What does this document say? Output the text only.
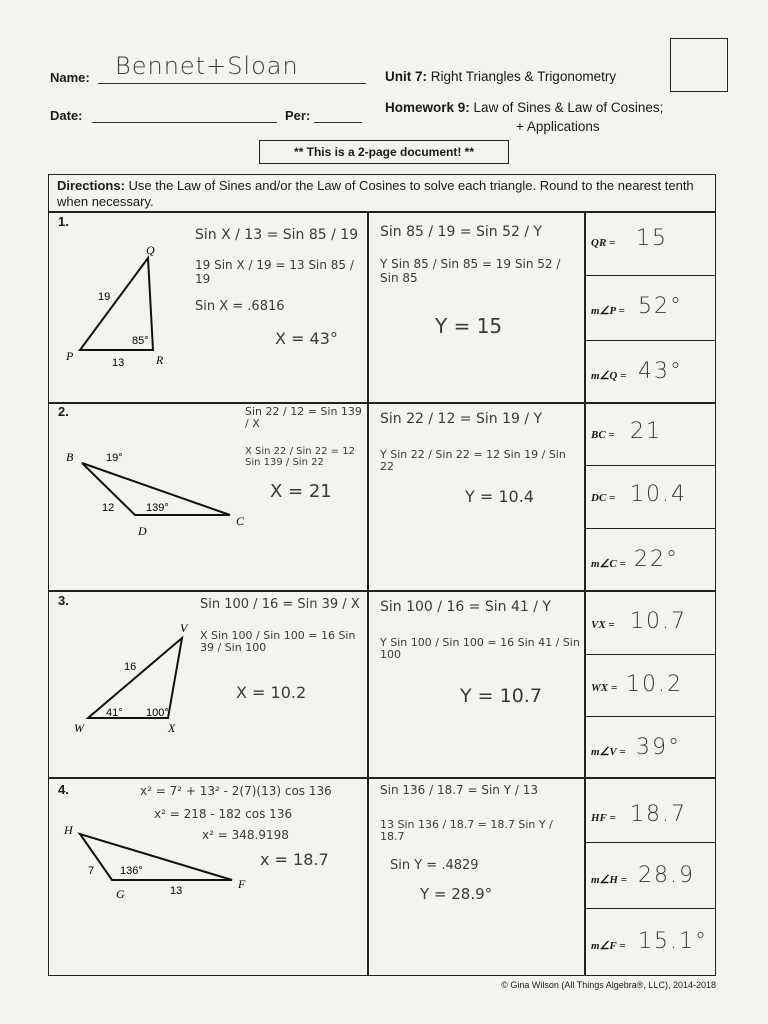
Name: Bennet+Sloan	Unit 7: Right Triangles & Trigonometry
Date:	Per:
Homework 9: Law of Sines & Law of Cosines;
+ Applications
** This is a 2-page document! **
Directions: Use the Law of Sines and/or the Law of Cosines to solve each triangle. Round to the nearest tenth when necessary.
1.
Q
P	R
19
13
85°
Sin X / 13 = Sin 85 / 19
19 Sin X / 19 = 13 Sin 85 / 19
Sin X = .6816
X = 43°
Sin 85 / 19 = Sin 52 / Y
Y Sin 85 / Sin 85 = 19 Sin 52 / Sin 85
Y = 15
QR = 15
m∠P = 52°
m∠Q = 43°
2.
B
D
C
12
19°
139°
Sin 22 / 12 = Sin 139 / X
X Sin 22 / Sin 22 = 12 Sin 139 / Sin 22
X = 21
Sin 22 / 12 = Sin 19 / Y
Y Sin 22 / Sin 22 = 12 Sin 19 / Sin 22
Y = 10.4
BC = 21
DC = 10.4
m∠C = 22°
3.
V
W	X
16
41° 100°
Sin 100 / 16 = Sin 39 / X
X Sin 100 / Sin 100 = 16 Sin 39 / Sin 100
X = 10.2
Sin 100 / 16 = Sin 41 / Y
Y Sin 100 / Sin 100 = 16 Sin 41 / Sin 100
Y = 10.7
VX = 10.7
WX = 10.2
m∠V = 39°
4.
H
G
F
7
13
136°
x² = 7² + 13² - 2(7)(13) cos 136
x² = 218 - 182 cos 136
x² = 348.9198
x = 18.7
Sin 136 / 18.7 = Sin Y / 13
13 Sin 136 / 18.7 = 18.7 Sin Y / 18.7
Sin Y = .4829
Y = 28.9°
HF = 18.7
m∠H = 28.9
m∠F = 15.1°
© Gina Wilson (All Things Algebra®, LLC), 2014-2018
